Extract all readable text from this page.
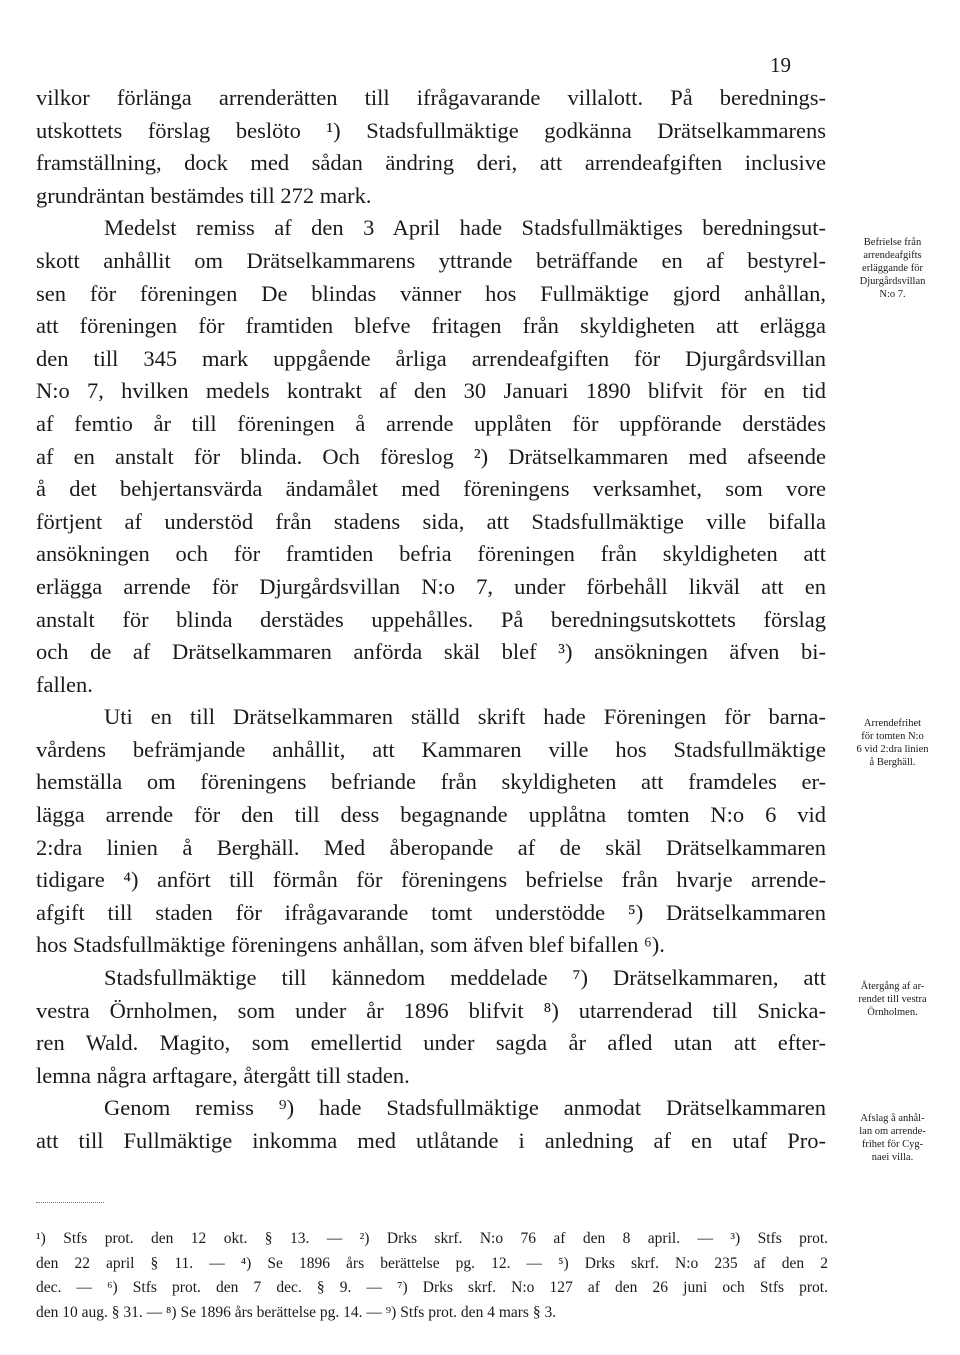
19
vilkor förlänga arrenderätten till ifrågavarande villalott. På berednings-
utskottets förslag beslöto ¹) Stadsfullmäktige godkänna Drätselkammarens
framställning, dock med sådan ändring deri, att arrendeafgiften inclusive
grundräntan bestämdes till 272 mark.
Medelst remiss af den 3 April hade Stadsfullmäktiges beredningsut-
skott anhållit om Drätselkammarens yttrande beträffande en af bestyrel-
sen för föreningen De blindas vänner hos Fullmäktige gjord anhållan,
att föreningen för framtiden blefve fritagen från skyldigheten att erlägga
den till 345 mark uppgående årliga arrendeafgiften för Djurgårdsvillan
N:o 7, hvilken medels kontrakt af den 30 Januari 1890 blifvit för en tid
af femtio år till föreningen å arrende upplåten för uppförande derstädes
af en anstalt för blinda. Och föreslog ²) Drätselkammaren med afseende
å det behjertansvärda ändamålet med föreningens verksamhet, som vore
förtjent af understöd från stadens sida, att Stadsfullmäktige ville bifalla
ansökningen och för framtiden befria föreningen från skyldigheten att
erlägga arrende för Djurgårdsvillan N:o 7, under förbehåll likväl att en
anstalt för blinda derstädes uppehålles. På beredningsutskottets förslag
och de af Drätselkammaren anförda skäl blef ³) ansökningen äfven bi-
fallen.
Uti en till Drätselkammaren ställd skrift hade Föreningen för barna-
vårdens befrämjande anhållit, att Kammaren ville hos Stadsfullmäktige
hemställa om föreningens befriande från skyldigheten att framdeles er-
lägga arrende för den till dess begagnande upplåtna tomten N:o 6 vid
2:dra linien å Berghäll. Med åberopande af de skäl Drätselkammaren
tidigare ⁴) anfört till förmån för föreningens befrielse från hvarje arrende-
afgift till staden för ifrågavarande tomt understödde ⁵) Drätselkammaren
hos Stadsfullmäktige föreningens anhållan, som äfven blef bifallen ⁶).
Stadsfullmäktige till kännedom meddelade ⁷) Drätselkammaren, att
vestra Örnholmen, som under år 1896 blifvit ⁸) utarrenderad till Snicka-
ren Wald. Magito, som emellertid under sagda år afled utan att efter-
lemna några arftagare, återgått till staden.
Genom remiss ⁹) hade Stadsfullmäktige anmodat Drätselkammaren
att till Fullmäktige inkomma med utlåtande i anledning af en utaf Pro-
Befrielse från
arrendeafgifts
erläggande för
Djurgårdsvillan
N:o 7.
Arrendefrihet
för tomten N:o
6 vid 2:dra linien
å Berghäll.
Återgång af ar-
rendet till vestra
Örnholmen.
Afslag å anhål-
lan om arrende-
frihet för Cyg-
naei villa.
¹) Stfs prot. den 12 okt. § 13. — ²) Drks skrf. N:o 76 af den 8 april. — ³) Stfs prot.
den 22 april § 11. — ⁴) Se 1896 års berättelse pg. 12. — ⁵) Drks skrf. N:o 235 af den 2
dec. — ⁶) Stfs prot. den 7 dec. § 9. — ⁷) Drks skrf. N:o 127 af den 26 juni och Stfs prot.
den 10 aug. § 31. — ⁸) Se 1896 års berättelse pg. 14. — ⁹) Stfs prot. den 4 mars § 3.
